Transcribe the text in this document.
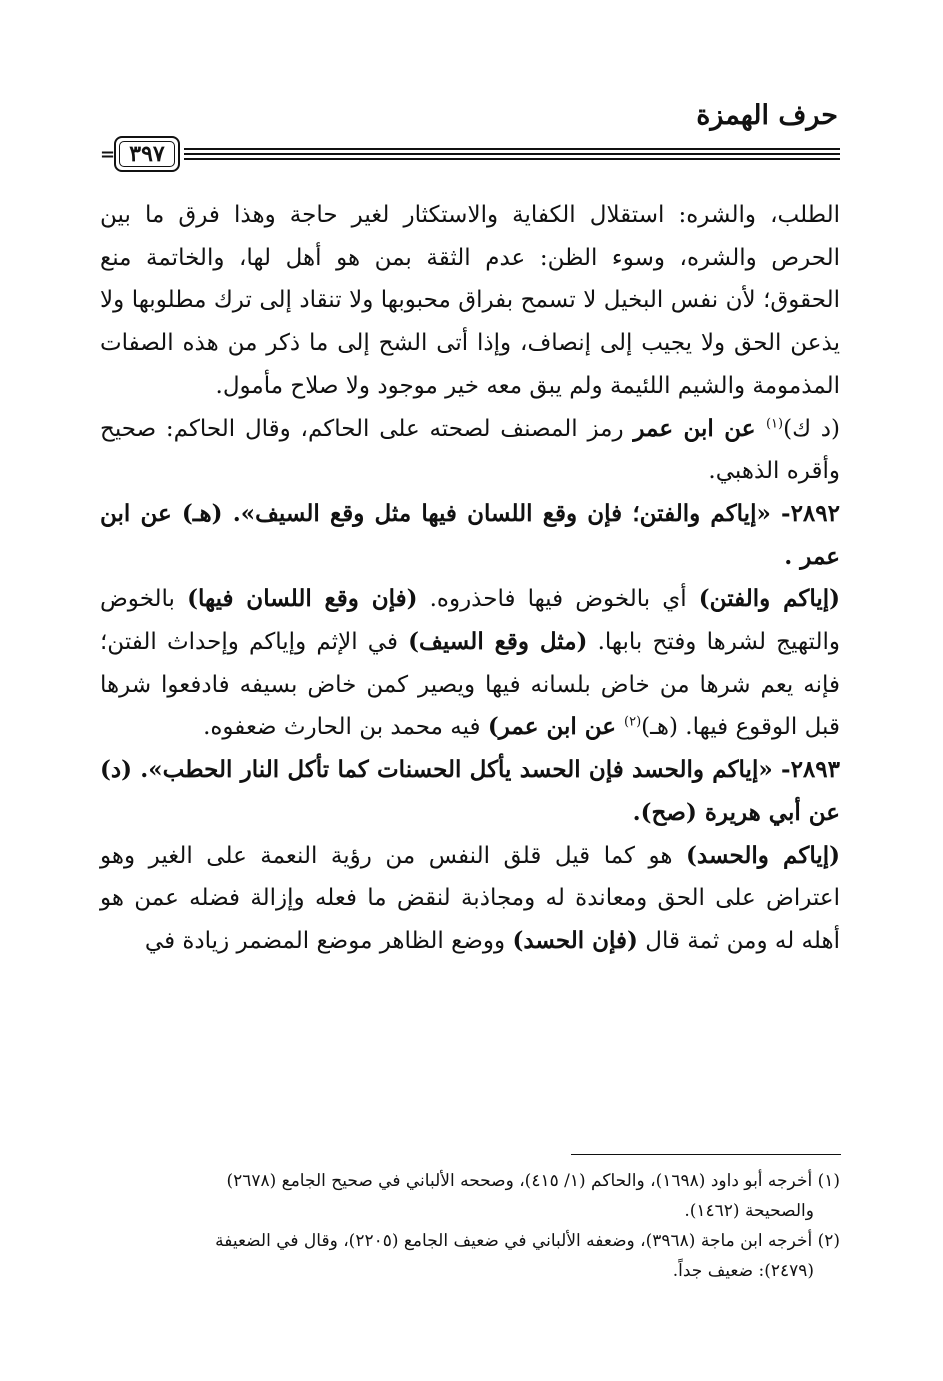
حرف الهمزة
= ٣٩٧

الطلب، والشره: استقلال الكفاية والاستكثار لغير حاجة وهذا فرق ما بين الحرص والشره، وسوء الظن: عدم الثقة بمن هو أهل لها، والخاتمة منع الحقوق؛ لأن نفس البخيل لا تسمح بفراق محبوبها ولا تنقاد إلى ترك مطلوبها ولا يذعن الحق ولا يجيب إلى إنصاف، وإذا أتى الشح إلى ما ذكر من هذه الصفات المذمومة والشيم اللئيمة ولم يبق معه خير موجود ولا صلاح مأمول.

(د ك)$^{(١)}$ عن ابن عمر رمز المصنف لصحته على الحاكم، وقال الحاكم: صحيح وأقره الذهبي.

٢٨٩٢- «إياكم والفتن؛ فإن وقع اللسان فيها مثل وقع السيف». (هـ) عن ابن عمر .

(إياكم والفتن) أي بالخوض فيها فاحذروه. (فإن وقع اللسان فيها) بالخوض والتهيج لشرها وفتح بابها. (مثل وقع السيف) في الإثم وإياكم وإحداث الفتن؛ فإنه يعم شرها من خاض بلسانه فيها ويصير كمن خاض بسيفه فادفعوا شرها قبل الوقوع فيها. (هـ)$^{(٢)}$ عن ابن عمر) فيه محمد بن الحارث ضعفوه.

٢٨٩٣- «إياكم والحسد فإن الحسد يأكل الحسنات كما تأكل النار الحطب». (د) عن أبي هريرة (صح).

(إياكم والحسد) هو كما قيل قلق النفس من رؤية النعمة على الغير وهو اعتراض على الحق ومعاندة له ومجاذبة لنقض ما فعله وإزالة فضله عمن هو أهله له ومن ثمة قال (فإن الحسد) ووضع الظاهر موضع المضمر زيادة في

(١) أخرجه أبو داود (١٦٩٨)، والحاكم (١/ ٤١٥)، وصححه الألباني في صحيح الجامع (٢٦٧٨)

والصحيحة (١٤٦٢).

(٢) أخرجه ابن ماجة (٣٩٦٨)، وضعفه الألباني في ضعيف الجامع (٢٢٠٥)، وقال في الضعيفة

(٢٤٧٩): ضعيف جداً.
